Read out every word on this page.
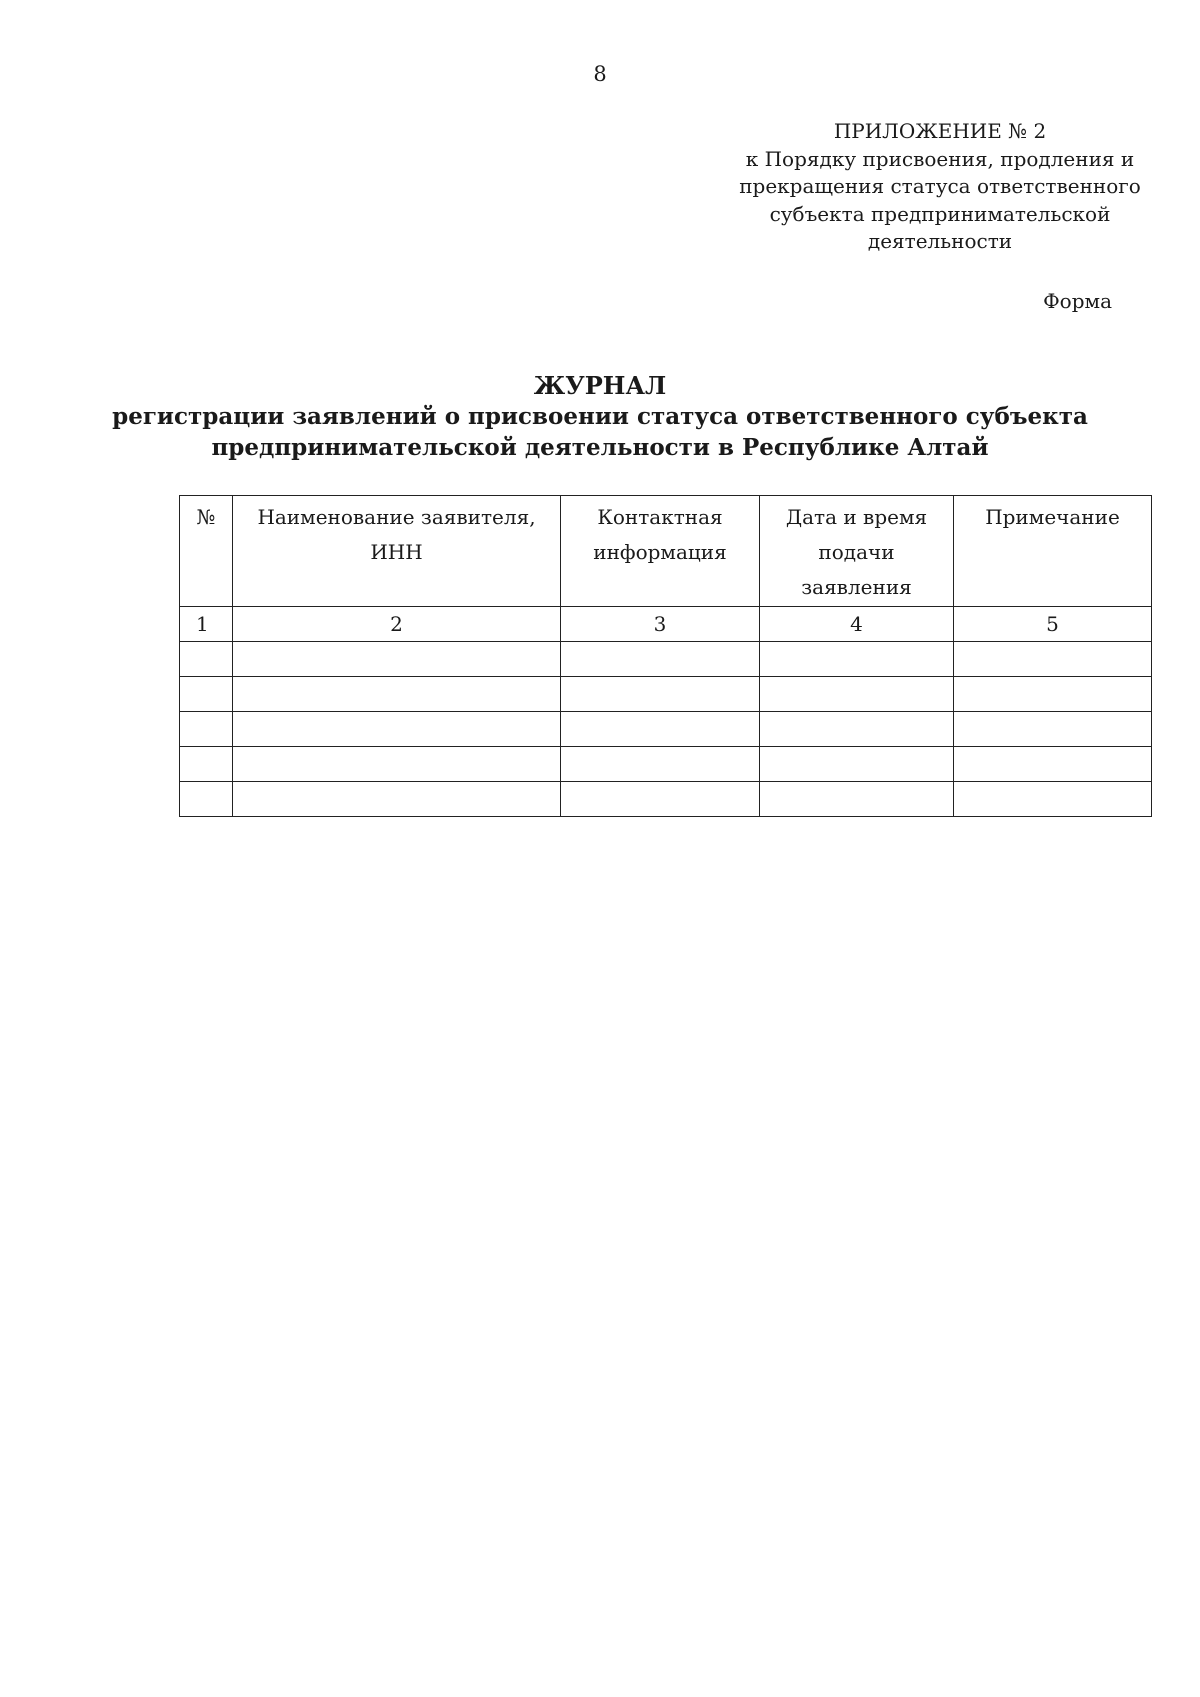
8
ПРИЛОЖЕНИЕ № 2
к Порядку присвоения, продления и
прекращения статуса ответственного
субъекта предпринимательской
деятельности
Форма
ЖУРНАЛ
регистрации заявлений о присвоении статуса ответственного субъекта
предпринимательской деятельности в Республике Алтай
№	Наименование заявителя, ИНН	Контактная информация	Дата и время подачи заявления	Примечание
1	2	3	4	5
